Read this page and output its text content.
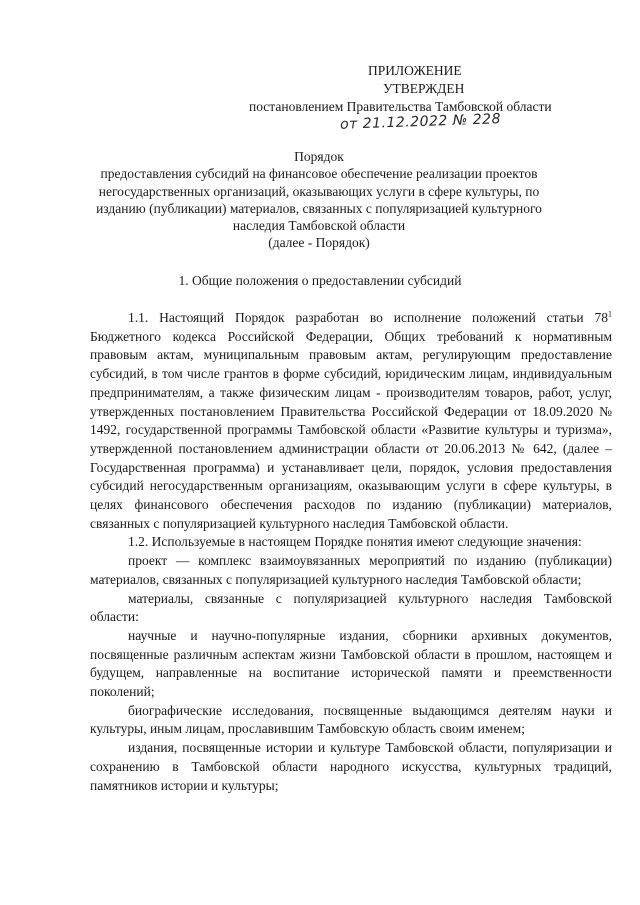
ПРИЛОЖЕНИЕ
УТВЕРЖДЕН
постановлением Правительства Тамбовской области
от 21.12.2022 № 228
Порядок
предоставления субсидий на финансовое обеспечение реализации проектов
негосударственных организаций, оказывающих услуги в сфере культуры, по
изданию (публикации) материалов, связанных с популяризацией культурного
наследия Тамбовской области
(далее - Порядок)
1. Общие положения о предоставлении субсидий

1.1. Настоящий Порядок разработан во исполнение положений статьи $78^1$ Бюджетного кодекса Российской Федерации, Общих требований к нормативным правовым актам, муниципальным правовым актам, регулирующим предоставление субсидий, в том числе грантов в форме субсидий, юридическим лицам, индивидуальным предпринимателям, а также физическим лицам - производителям товаров, работ, услуг, утвержденных постановлением Правительства Российской Федерации от 18.09.2020 № 1492, государственной программы Тамбовской области «Развитие культуры и туризма», утвержденной постановлением администрации области от 20.06.2013 № 642, (далее – Государственная программа) и устанавливает цели, порядок, условия предоставления субсидий негосударственным организациям, оказывающим услуги в сфере культуры, в целях финансового обеспечения расходов по изданию (публикации) материалов, связанных с популяризацией культурного наследия Тамбовской области.

1.2. Используемые в настоящем Порядке понятия имеют следующие значения:

проект — комплекс взаимоувязанных мероприятий по изданию (публикации) материалов, связанных с популяризацией культурного наследия Тамбовской области;

материалы, связанные с популяризацией культурного наследия Тамбовской области:

научные и научно-популярные издания, сборники архивных документов, посвященные различным аспектам жизни Тамбовской области в прошлом, настоящем и будущем, направленные на воспитание исторической памяти и преемственности поколений;

биографические исследования, посвященные выдающимся деятелям науки и культуры, иным лицам, прославившим Тамбовскую область своим именем;

издания, посвященные истории и культуре Тамбовской области, популяризации и сохранению в Тамбовской области народного искусства, культурных традиций, памятников истории и культуры;
